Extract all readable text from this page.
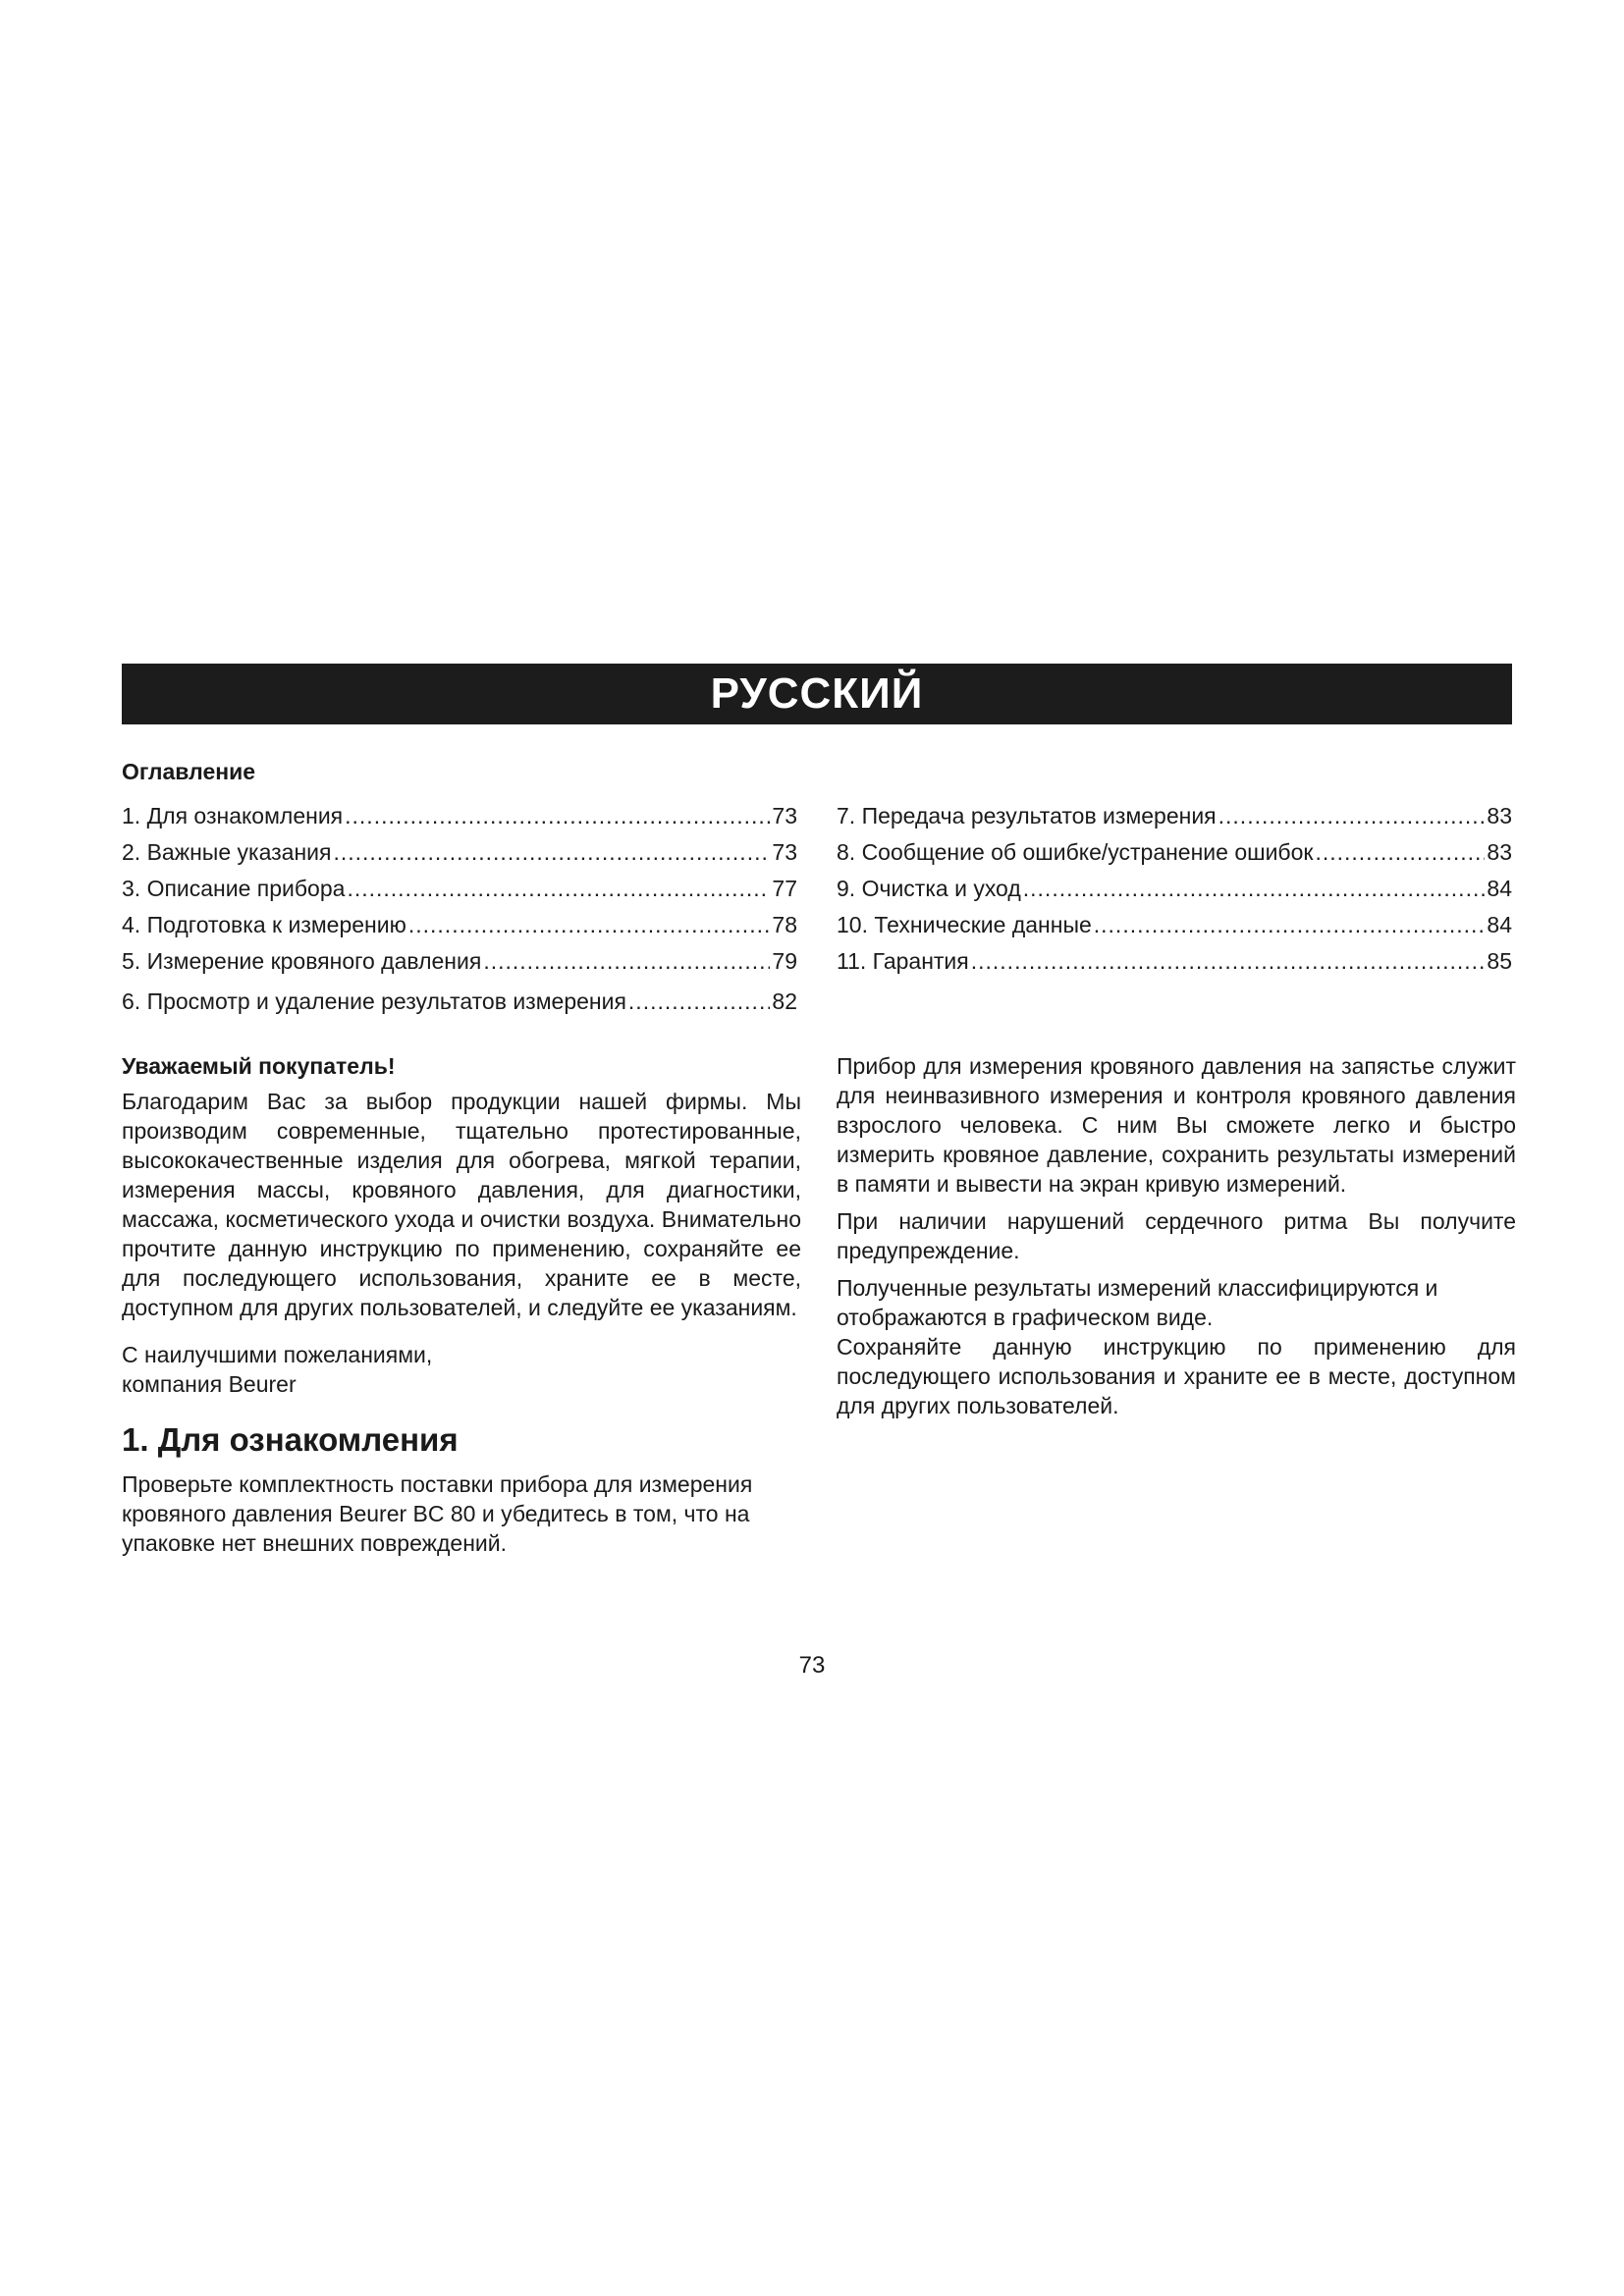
РУССКИЙ
Оглавление
1. Для ознакомления .....	73
2. Важные указания .....	73
3. Описание прибора .....	77
4. Подготовка к измерению .....	78
5. Измерение кровяного давления .....	79
6. Просмотр и удаление результатов измерения .....	82
7. Передача результатов измерения .....	83
8. Сообщение об ошибке/устранение ошибок .....	83
9. Очистка и уход .....	84
10. Технические данные .....	84
11. Гарантия .....	85

Уважаемый покупатель!

Благодарим Вас за выбор продукции нашей фирмы. Мы производим современные, тщательно протестированные, высококачественные изделия для обогрева, мягкой терапии, измерения массы, кровяного давления, для диагностики, массажа, косметического ухода и очистки воздуха. Внимательно прочтите данную инструкцию по применению, сохраняйте ее для последующего использования, храните ее в месте, доступном для других пользователей, и следуйте ее указаниям.

С наилучшими пожеланиями,

компания Beurer

1. Для ознакомления

Проверьте комплектность поставки прибора для измерения кровяного давления Beurer BC 80 и убедитесь в том, что на упаковке нет внешних повреждений.

Прибор для измерения кровяного давления на запястье служит для неинвазивного измерения и контроля кровяного давления взрослого человека. С ним Вы сможете легко и быстро измерить кровяное давление, сохранить результаты измерений в памяти и вывести на экран кривую измерений.

При наличии нарушений сердечного ритма Вы получите предупреждение.

Полученные результаты измерений классифицируются и отображаются в графическом виде.

Сохраняйте данную инструкцию по применению для последующего использования и храните ее в месте, доступном для других пользователей.

73
